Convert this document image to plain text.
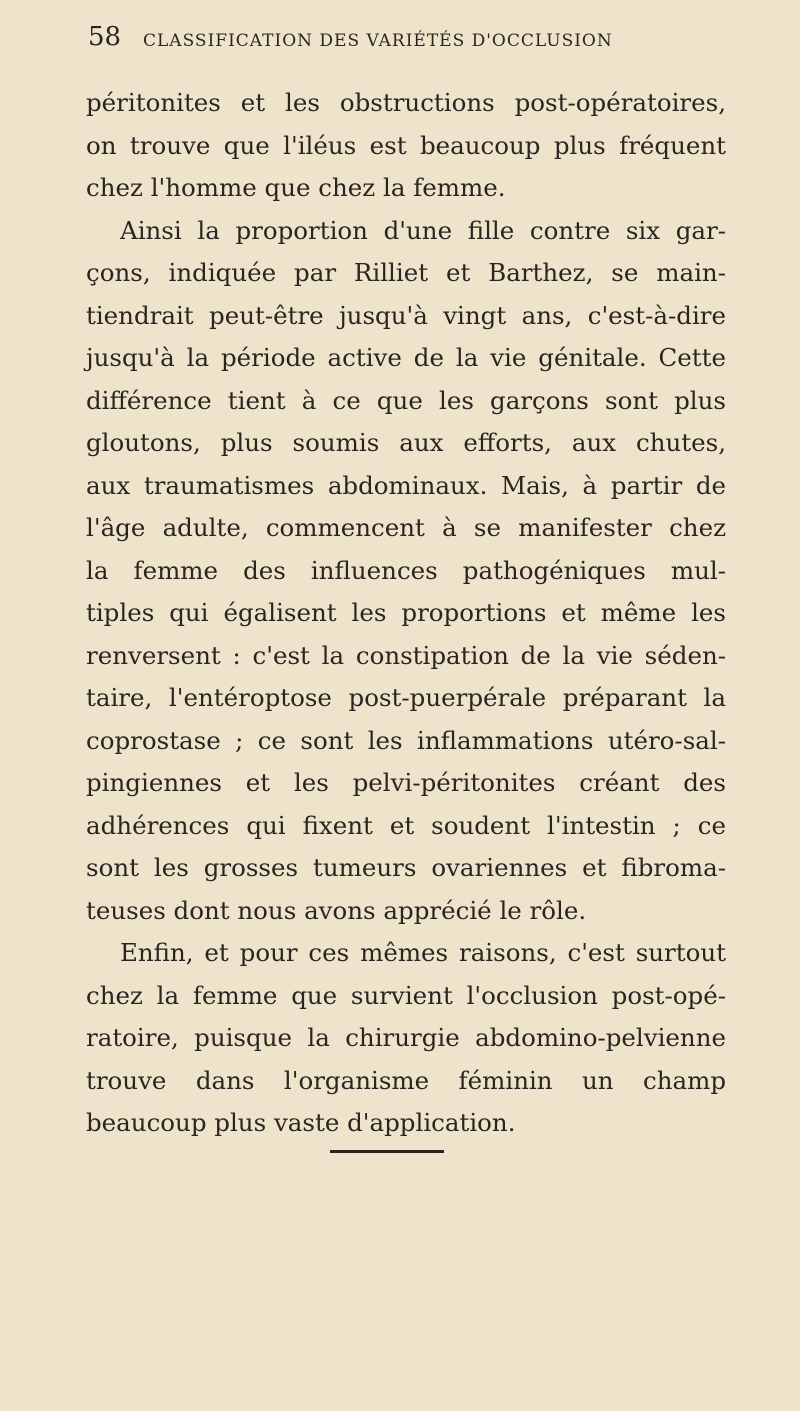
58 CLASSIFICATION DES VARIÉTÉS D'OCCLUSION
péritonites et les obstructions post-opératoires,
on trouve que l'iléus est beaucoup plus fréquent
chez l'homme que chez la femme.
Ainsi la proportion d'une fille contre six gar-
çons, indiquée par Rilliet et Barthez, se main-
tiendrait peut-être jusqu'à vingt ans, c'est-à-dire
jusqu'à la période active de la vie génitale. Cette
différence tient à ce que les garçons sont plus
gloutons, plus soumis aux efforts, aux chutes,
aux traumatismes abdominaux. Mais, à partir de
l'âge adulte, commencent à se manifester chez
la femme des influences pathogéniques mul-
tiples qui égalisent les proportions et même les
renversent : c'est la constipation de la vie séden-
taire, l'entéroptose post-puerpérale préparant la
coprostase ; ce sont les inflammations utéro-sal-
pingiennes et les pelvi-péritonites créant des
adhérences qui fixent et soudent l'intestin ; ce
sont les grosses tumeurs ovariennes et fibroma-
teuses dont nous avons apprécié le rôle.
Enfin, et pour ces mêmes raisons, c'est surtout
chez la femme que survient l'occlusion post-opé-
ratoire, puisque la chirurgie abdomino-pelvienne
trouve dans l'organisme féminin un champ
beaucoup plus vaste d'application.
